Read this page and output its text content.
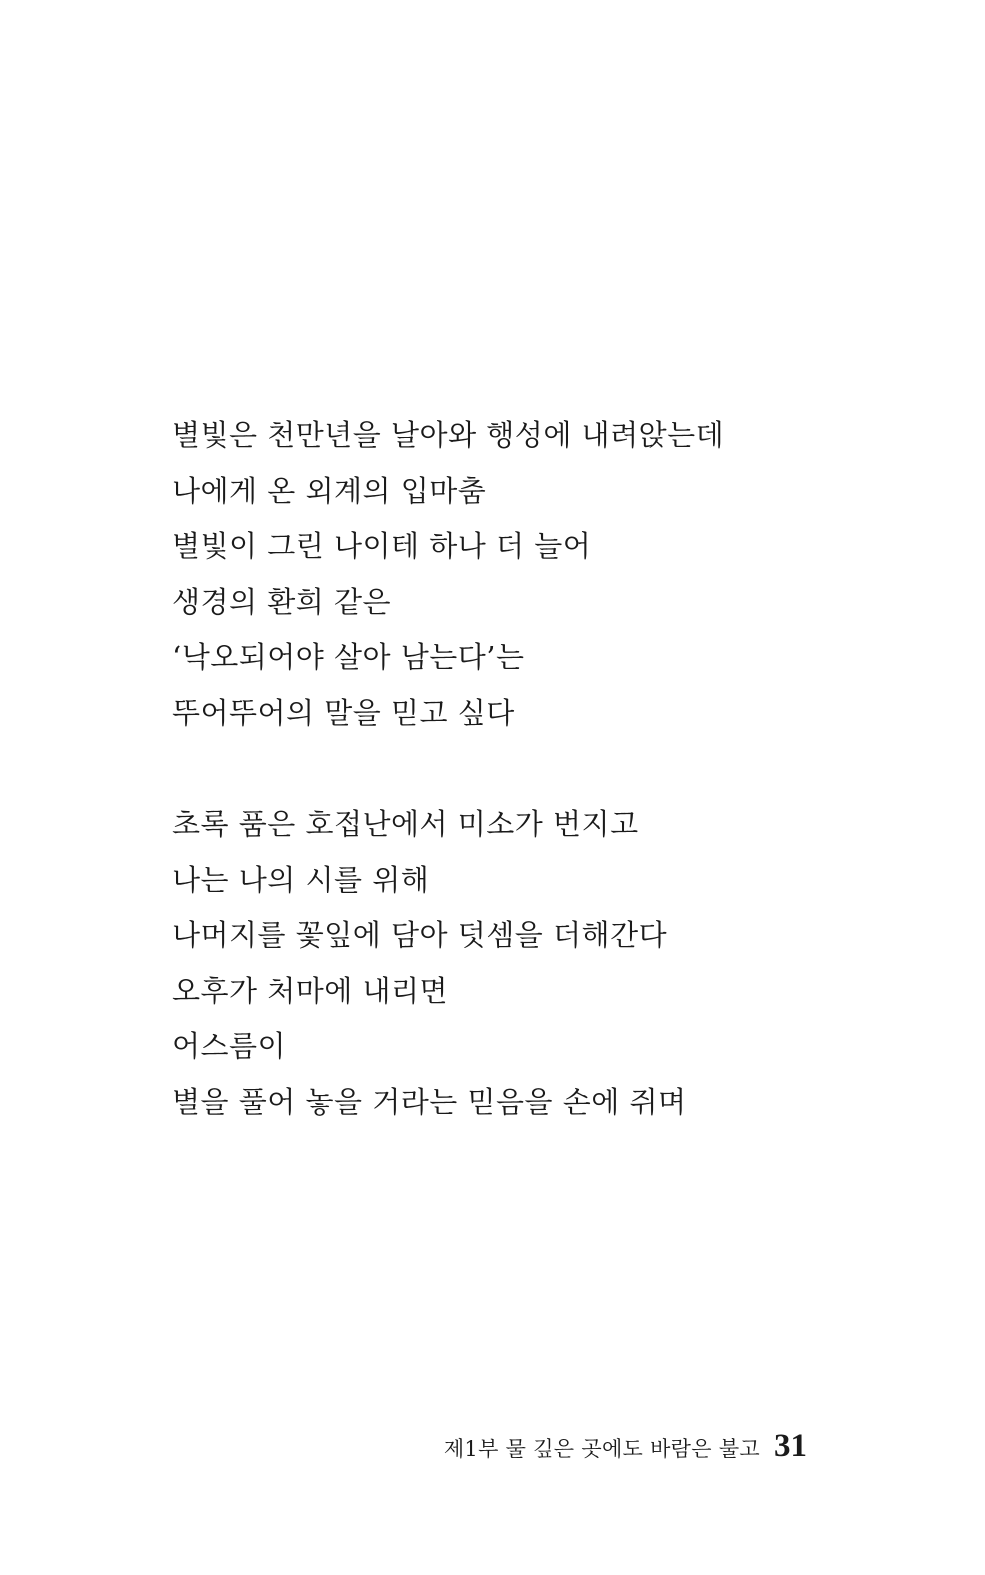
별빛은 천만년을 날아와 행성에 내려앉는데
나에게 온 외계의 입마춤
별빛이 그린 나이테 하나 더 늘어
생경의 환희 같은
‘낙오되어야 살아 남는다’는
뚜어뚜어의 말을 믿고 싶다
초록 품은 호접난에서 미소가 번지고
나는 나의 시를 위해
나머지를 꽃잎에 담아 덧셈을 더해간다
오후가 처마에 내리면
어스름이
별을 풀어 놓을 거라는 믿음을 손에 쥐며
제1부 물 깊은 곳에도 바람은 불고 31
